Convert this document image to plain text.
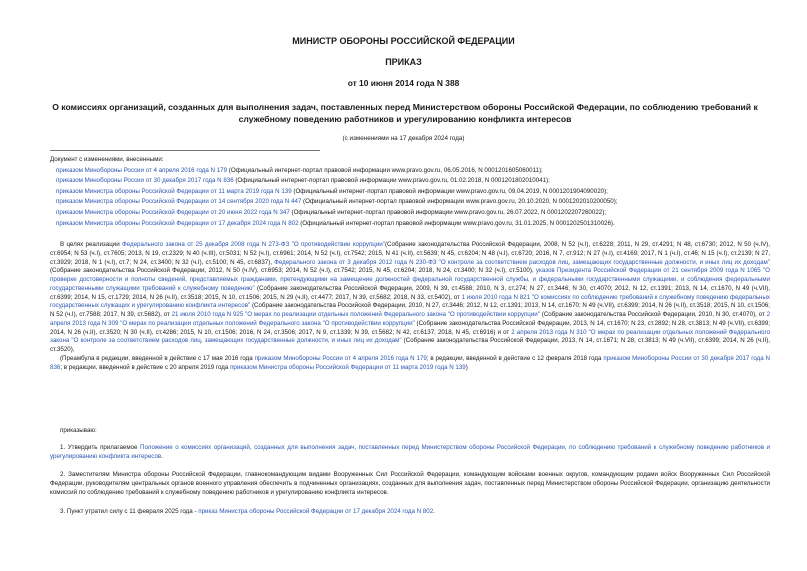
МИНИСТР ОБОРОНЫ РОССИЙСКОЙ ФЕДЕРАЦИИ
ПРИКАЗ
от 10 июня 2014 года N 388
О комиссиях организаций, созданных для выполнения задач, поставленных перед Министерством обороны Российской Федерации, по соблюдению требований к служебному поведению работников и урегулированию конфликта интересов
(с изменениями на 17 декабря 2024 года)
Документ с изменениями, внесенными:
приказом Минобороны России от 4 апреля 2016 года N 179 (Официальный интернет-портал правовой информации www.pravo.gov.ru, 06.05.2016, N 0001201605060011);
приказом Минобороны России от 30 декабря 2017 года N 836 (Официальный интернет-портал правовой информации www.pravo.gov.ru, 01.02.2018, N 0001201802010041);
приказом Министра обороны Российской Федерации от 11 марта 2019 года N 139 (Официальный интернет-портал правовой информации www.pravo.gov.ru, 09.04.2019, N 0001201904090020);
приказом Министра обороны Российской Федерации от 14 сентября 2020 года N 447 (Официальный интернет-портал правовой информации www.pravo.gov.ru, 20.10.2020, N 0001202010200050);
приказом Министра обороны Российской Федерации от 20 июня 2022 года N 347 (Официальный интернет-портал правовой информации www.pravo.gov.ru, 26.07.2022, N 0001202207260022);
приказом Министра обороны Российской Федерации от 17 декабря 2024 года N 802 (Официальный интернет-портал правовой информации www.pravo.gov.ru, 31.01.2025, N 0001202501310026).

В целях реализации Федерального закона от 25 декабря 2008 года N 273-ФЗ "О противодействии коррупции"(Собрание законодательства Российской Федерации, 2008, N 52 (ч.I), ст.6228; 2011, N 29, ст.4291; N 48, ст.6730; 2012, N 50 (ч.IV), ст.6954; N 53 (ч.I), ст.7605; 2013, N 19, ст.2329; N 40 (ч.III), ст.5031; N 52 (ч.I), ст.6961; 2014, N 52 (ч.I), ст.7542; 2015, N 41 (ч.II), ст.5639; N 45, ст.6204; N 48 (ч.I), ст.6720; 2016, N 7, ст.912; N 27 (ч.I), ст.4169; 2017, N 1 (ч.I), ст.46; N 15 (ч.I), ст.2139; N 27, ст.3929; 2018, N 1 (ч.I), ст.7; N 24, ст.3400; N 32 (ч.I), ст.5100; N 45, ст.6837), Федерального закона от 3 декабря 2012 года N 230-ФЗ "О контроле за соответствием расходов лиц, замещающих государственные должности, и иных лиц их доходам" (Собрание законодательства Российской Федерации, 2012, N 50 (ч.IV), ст.6953; 2014, N 52 (ч.I), ст.7542; 2015, N 45, ст.6204; 2018, N 24, ст.3400; N 32 (ч.I), ст.5100), указов Президента Российской Федерации от 21 сентября 2009 года N 1065 "О проверке достоверности и полноты сведений, представляемых гражданами, претендующими на замещение должностей федеральной государственной службы, и федеральными государственными служащими, и соблюдения федеральными государственными служащими требований к служебному поведению" (Собрание законодательства Российской Федерации, 2009, N 39, ст.4588; 2010, N 3, ст.274; N 27, ст.3446; N 30, ст.4070; 2012, N 12, ст.1391; 2013, N 14, ст.1670, N 49 (ч.VII), ст.6399; 2014, N 15, ст.1729; 2014, N 26 (ч.II), ст.3518; 2015, N 10, ст.1506; 2015, N 29 (ч.II), ст.4477; 2017, N 39, ст.5682; 2018, N 33, ст.5402), от 1 июля 2010 года N 821 "О комиссиях по соблюдению требований к служебному поведению федеральных государственных служащих и урегулированию конфликта интересов" (Собрание законодательства Российской Федерации, 2010, N 27, ст.3446; 2012, N 12, ст.1391; 2013, N 14, ст.1670; N 49 (ч.VII), ст.6399; 2014, N 26 (ч.II), ст.3518; 2015, N 10, ст.1506; N 52 (ч.I), ст.7588; 2017, N 39, ст.5682), от 21 июля 2010 года N 925 "О мерах по реализации отдельных положений Федерального закона "О противодействии коррупции" (Собрание законодательства Российской Федерации, 2010, N 30, ст.4070), от 2 апреля 2013 года N 309 "О мерах по реализации отдельных положений Федерального закона "О противодействии коррупции" (Собрание законодательства Российской Федерации, 2013, N 14, ст.1670; N 23, ст.2892; N 28, ст.3813; N 49 (ч.VII), ст.6399; 2014, N 26 (ч.II), ст.3520; N 30 (ч.II), ст.4286; 2015, N 10, ст.1506; 2016, N 24, ст.3506; 2017, N 9, ст.1339; N 39, ст.5682; N 42, ст.6137; 2018, N 45, ст.6916) и от 2 апреля 2013 года N 310 "О мерах по реализации отдельных положений Федерального закона "О контроле за соответствием расходов лиц, замещающих государственные должности, и иных лиц их доходам" (Собрание законодательства Российской Федерации, 2013, N 14, ст.1671; N 28, ст.3813; N 49 (ч.VII), ст.6399; 2014, N 26 (ч.II), ст.3520),

(Преамбула в редакции, введенной в действие с 17 мая 2016 года приказом Минобороны России от 4 апреля 2016 года N 179; в редакции, введенной в действие с 12 февраля 2018 года приказом Минобороны России от 30 декабря 2017 года N 836; в редакции, введенной в действие с 20 апреля 2019 года приказом Министра обороны Российской Федерации от 11 марта 2019 года N 139)

приказываю:

1. Утвердить прилагаемое Положение о комиссиях организаций, созданных для выполнения задач, поставленных перед Министерством обороны Российской Федерации, по соблюдению требований к служебному поведению работников и урегулированию конфликта интересов.

2. Заместителям Министра обороны Российской Федерации, главнокомандующим видами Вооруженных Сил Российской Федерации, командующим войсками военных округов, командующим родами войск Вооруженных Сил Российской Федерации, руководителям центральных органов военного управления обеспечить в подчиненных организациях, созданных для выполнения задач, поставленных перед Министерством обороны Российской Федерации, организацию деятельности комиссий по соблюдению требований к служебному поведению работников и урегулированию конфликта интересов.

3. Пункт утратил силу с 11 февраля 2025 года - приказ Министра обороны Российской Федерации от 17 декабря 2024 года N 802.
